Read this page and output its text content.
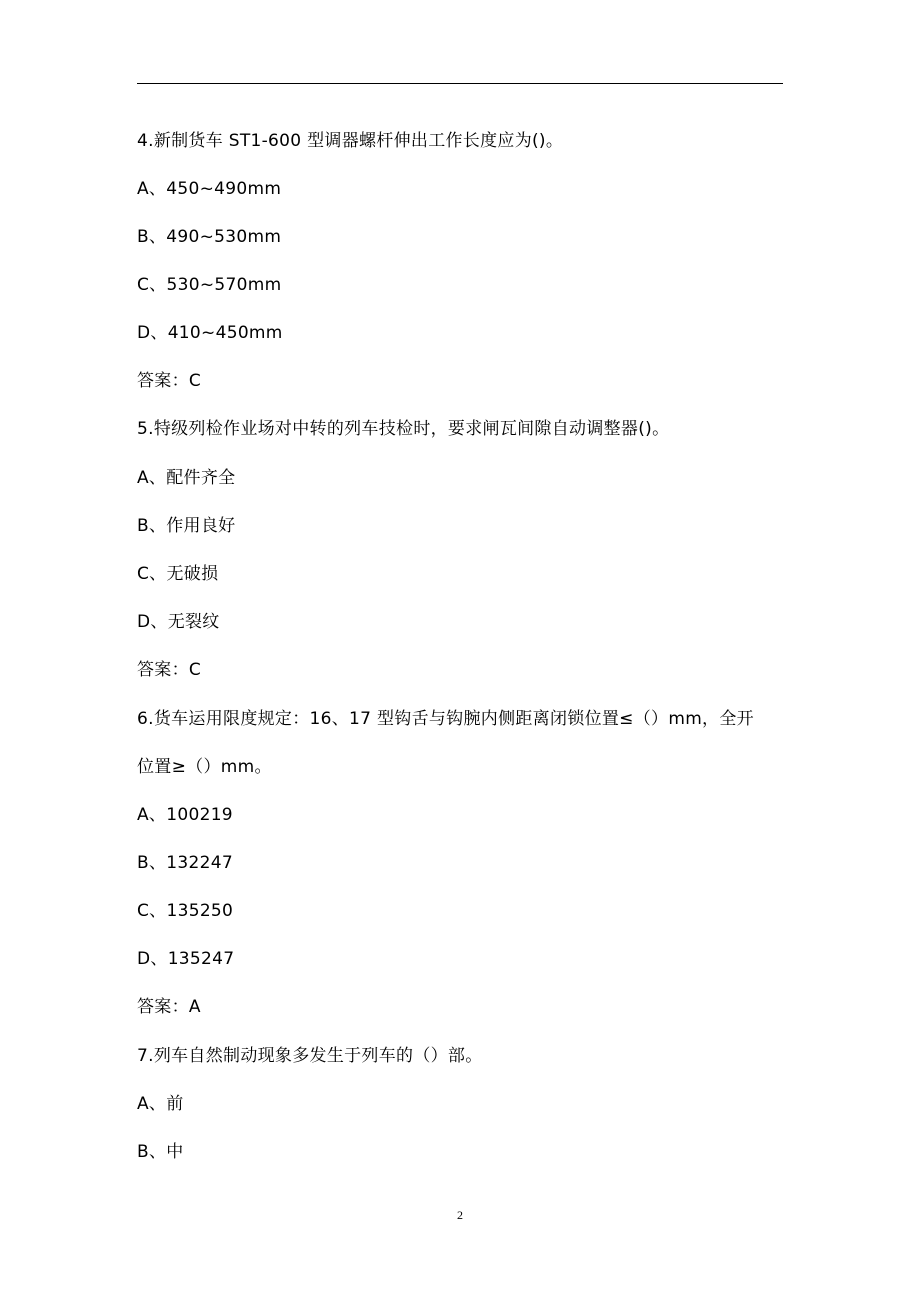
4.新制货车 ST1-600 型调器螺杆伸出工作长度应为()。
A、450~490mm
B、490~530mm
C、530~570mm
D、410~450mm
答案：C
5.特级列检作业场对中转的列车技检时，要求闸瓦间隙自动调整器()。
A、配件齐全
B、作用良好
C、无破损
D、无裂纹
答案：C
6.货车运用限度规定：16、17 型钩舌与钩腕内侧距离闭锁位置≤（）mm，全开
位置≥（）mm。
A、100219
B、132247
C、135250
D、135247
答案：A
7.列车自然制动现象多发生于列车的（）部。
A、前
B、中
2
